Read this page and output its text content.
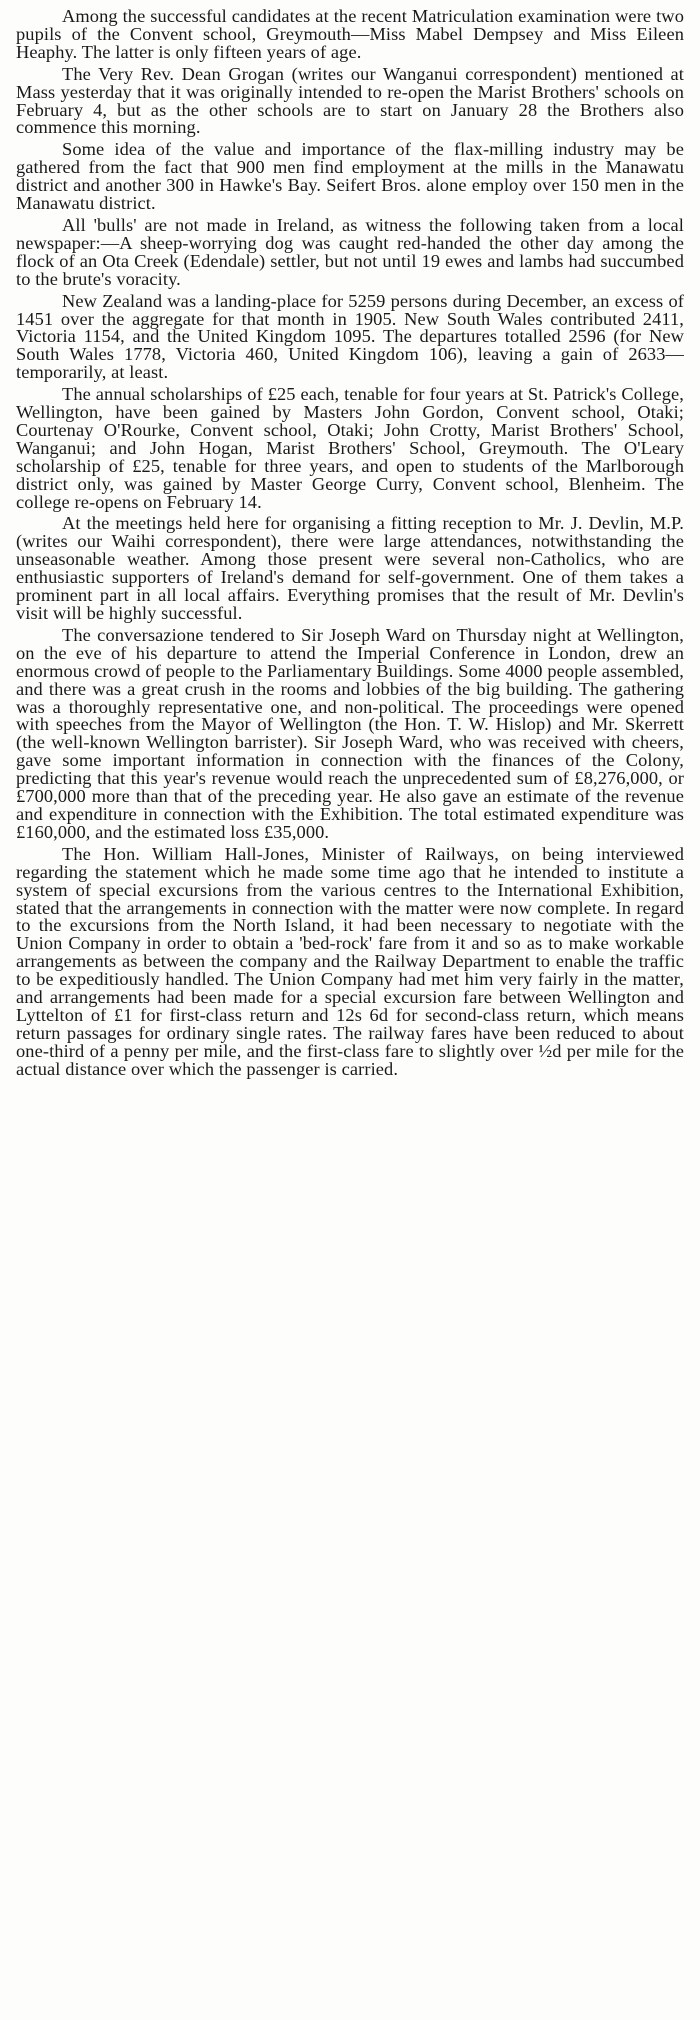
Among the successful candidates at the recent Matriculation examination were two pupils of the Convent school, Greymouth—Miss Mabel Dempsey and Miss Eileen Heaphy. The latter is only fifteen years of age.

The Very Rev. Dean Grogan (writes our Wanganui correspondent) mentioned at Mass yesterday that it was originally intended to re-open the Marist Brothers' schools on February 4, but as the other schools are to start on January 28 the Brothers also commence this morning.

Some idea of the value and importance of the flax-milling industry may be gathered from the fact that 900 men find employment at the mills in the Manawatu district and another 300 in Hawke's Bay. Seifert Bros. alone employ over 150 men in the Manawatu district.

All 'bulls' are not made in Ireland, as witness the following taken from a local newspaper:—A sheep-worrying dog was caught red-handed the other day among the flock of an Ota Creek (Edendale) settler, but not until 19 ewes and lambs had succumbed to the brute's voracity.

New Zealand was a landing-place for 5259 persons during December, an excess of 1451 over the aggregate for that month in 1905. New South Wales contributed 2411, Victoria 1154, and the United Kingdom 1095. The departures totalled 2596 (for New South Wales 1778, Victoria 460, United Kingdom 106), leaving a gain of 2633—temporarily, at least.

The annual scholarships of £25 each, tenable for four years at St. Patrick's College, Wellington, have been gained by Masters John Gordon, Convent school, Otaki; Courtenay O'Rourke, Convent school, Otaki; John Crotty, Marist Brothers' School, Wanganui; and John Hogan, Marist Brothers' School, Greymouth. The O'Leary scholarship of £25, tenable for three years, and open to students of the Marlborough district only, was gained by Master George Curry, Convent school, Blenheim. The college re-opens on February 14.

At the meetings held here for organising a fitting reception to Mr. J. Devlin, M.P. (writes our Waihi correspondent), there were large attendances, notwithstanding the unseasonable weather. Among those present were several non-Catholics, who are enthusiastic supporters of Ireland's demand for self-government. One of them takes a prominent part in all local affairs. Everything promises that the result of Mr. Devlin's visit will be highly successful.

The conversazione tendered to Sir Joseph Ward on Thursday night at Wellington, on the eve of his departure to attend the Imperial Conference in London, drew an enormous crowd of people to the Parliamentary Buildings. Some 4000 people assembled, and there was a great crush in the rooms and lobbies of the big building. The gathering was a thoroughly representative one, and non-political. The proceedings were opened with speeches from the Mayor of Wellington (the Hon. T. W. Hislop) and Mr. Skerrett (the well-known Wellington barrister). Sir Joseph Ward, who was received with cheers, gave some important information in connection with the finances of the Colony, predicting that this year's revenue would reach the unprecedented sum of £8,276,000, or £700,000 more than that of the preceding year. He also gave an estimate of the revenue and expenditure in connection with the Exhibition. The total estimated expenditure was £160,000, and the estimated loss £35,000.

The Hon. William Hall-Jones, Minister of Railways, on being interviewed regarding the statement which he made some time ago that he intended to institute a system of special excursions from the various centres to the International Exhibition, stated that the arrangements in connection with the matter were now complete. In regard to the excursions from the North Island, it had been necessary to negotiate with the Union Company in order to obtain a 'bed-rock' fare from it and so as to make workable arrangements as between the company and the Railway Department to enable the traffic to be expeditiously handled. The Union Company had met him very fairly in the matter, and arrangements had been made for a special excursion fare between Wellington and Lyttelton of £1 for first-class return and 12s 6d for second-class return, which means return passages for ordinary single rates. The railway fares have been reduced to about one-third of a penny per mile, and the first-class fare to slightly over ½d per mile for the actual distance over which the passenger is carried.
